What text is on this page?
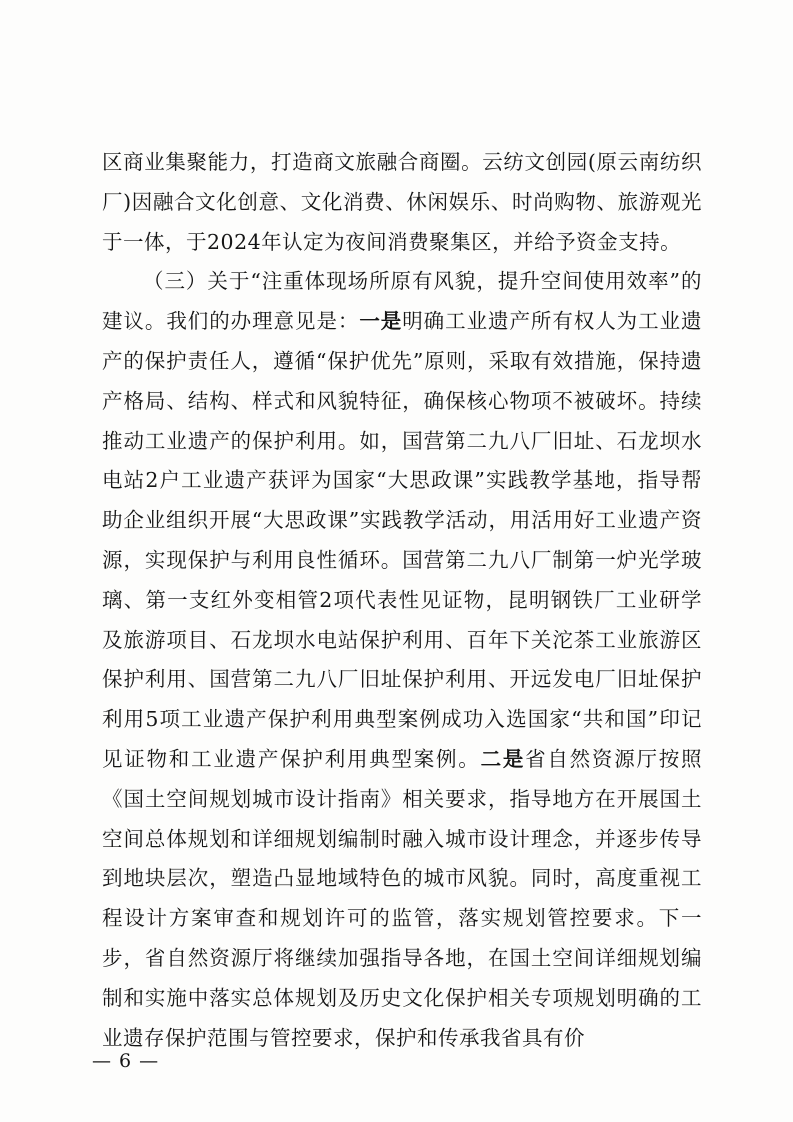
区商业集聚能力，打造商文旅融合商圈。云纺文创园(原云南纺织厂)因融合文化创意、文化消费、休闲娱乐、时尚购物、旅游观光于一体，于2024年认定为夜间消费聚集区，并给予资金支持。

（三）关于“注重体现场所原有风貌，提升空间使用效率”的建议。我们的办理意见是：一是明确工业遗产所有权人为工业遗产的保护责任人，遵循“保护优先”原则，采取有效措施，保持遗产格局、结构、样式和风貌特征，确保核心物项不被破坏。持续推动工业遗产的保护利用。如，国营第二九八厂旧址、石龙坝水电站2户工业遗产获评为国家“大思政课”实践教学基地，指导帮助企业组织开展“大思政课”实践教学活动，用活用好工业遗产资源，实现保护与利用良性循环。国营第二九八厂制第一炉光学玻璃、第一支红外变相管2项代表性见证物，昆明钢铁厂工业研学及旅游项目、石龙坝水电站保护利用、百年下关沱茶工业旅游区保护利用、国营第二九八厂旧址保护利用、开远发电厂旧址保护利用5项工业遗产保护利用典型案例成功入选国家“共和国”印记见证物和工业遗产保护利用典型案例。二是省自然资源厅按照《国土空间规划城市设计指南》相关要求，指导地方在开展国土空间总体规划和详细规划编制时融入城市设计理念，并逐步传导到地块层次，塑造凸显地域特色的城市风貌。同时，高度重视工程设计方案审查和规划许可的监管，落实规划管控要求。下一步，省自然资源厅将继续加强指导各地，在国土空间详细规划编制和实施中落实总体规划及历史文化保护相关专项规划明确的工业遗存保护范围与管控要求，保护和传承我省具有价

— 6 —
